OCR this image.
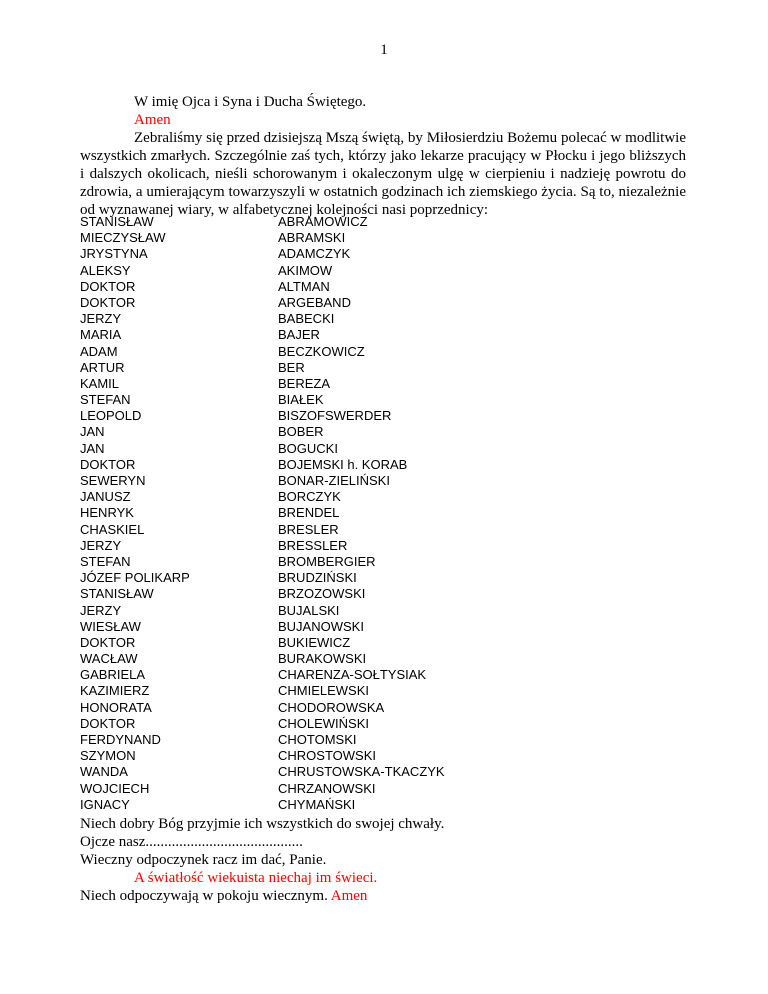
1
W imię Ojca i Syna i Ducha Świętego.
Amen
Zebraliśmy się przed dzisiejszą Mszą świętą, by Miłosierdziu Bożemu polecać w modlitwie wszystkich zmarłych. Szczególnie zaś tych, którzy jako lekarze pracujący w Płocku i jego bliższych i dalszych okolicach, nieśli schorowanym i okaleczonym ulgę w cierpieniu i nadzieję powrotu do zdrowia, a umierającym towarzyszyli w ostatnich godzinach ich ziemskiego życia. Są to, niezależnie od wyznawanej wiary, w alfabetycznej kolejności nasi poprzednicy:
STANISŁAW	ABRAMOWICZ
MIECZYSŁAW	ABRAMSKI
JRYSTYNA	ADAMCZYK
ALEKSY	AKIMOW
DOKTOR	ALTMAN
DOKTOR	ARGEBAND
JERZY	BABECKI
MARIA	BAJER
ADAM	BECZKOWICZ
ARTUR	BER
KAMIL	BEREZA
STEFAN	BIAŁEK
LEOPOLD	BISZOFSWERDER
JAN	BOBER
JAN	BOGUCKI
DOKTOR	BOJEMSKI h. KORAB
SEWERYN	BONAR-ZIELIŃSKI
JANUSZ	BORCZYK
HENRYK	BRENDEL
CHASKIEL	BRESLER
JERZY	BRESSLER
STEFAN	BROMBERGIER
JÓZEF POLIKARP	BRUDZIŃSKI
STANISŁAW	BRZOZOWSKI
JERZY	BUJALSKI
WIESŁAW	BUJANOWSKI
DOKTOR	BUKIEWICZ
WACŁAW	BURAKOWSKI
GABRIELA	CHARENZA-SOŁTYSIAK
KAZIMIERZ	CHMIELEWSKI
HONORATA	CHODOROWSKA
DOKTOR	CHOLEWIŃSKI
FERDYNAND	CHOTOMSKI
SZYMON	CHROSTOWSKI
WANDA	CHRUSTOWSKA-TKACZYK
WOJCIECH	CHRZANOWSKI
IGNACY	CHYMAŃSKI
Niech dobry Bóg przyjmie ich wszystkich do swojej chwały.
Ojcze nasz..........................................
Wieczny odpoczynek racz im dać, Panie.
A światłość wiekuista niechaj im świeci.
Niech odpoczywają w pokoju wiecznym. Amen
